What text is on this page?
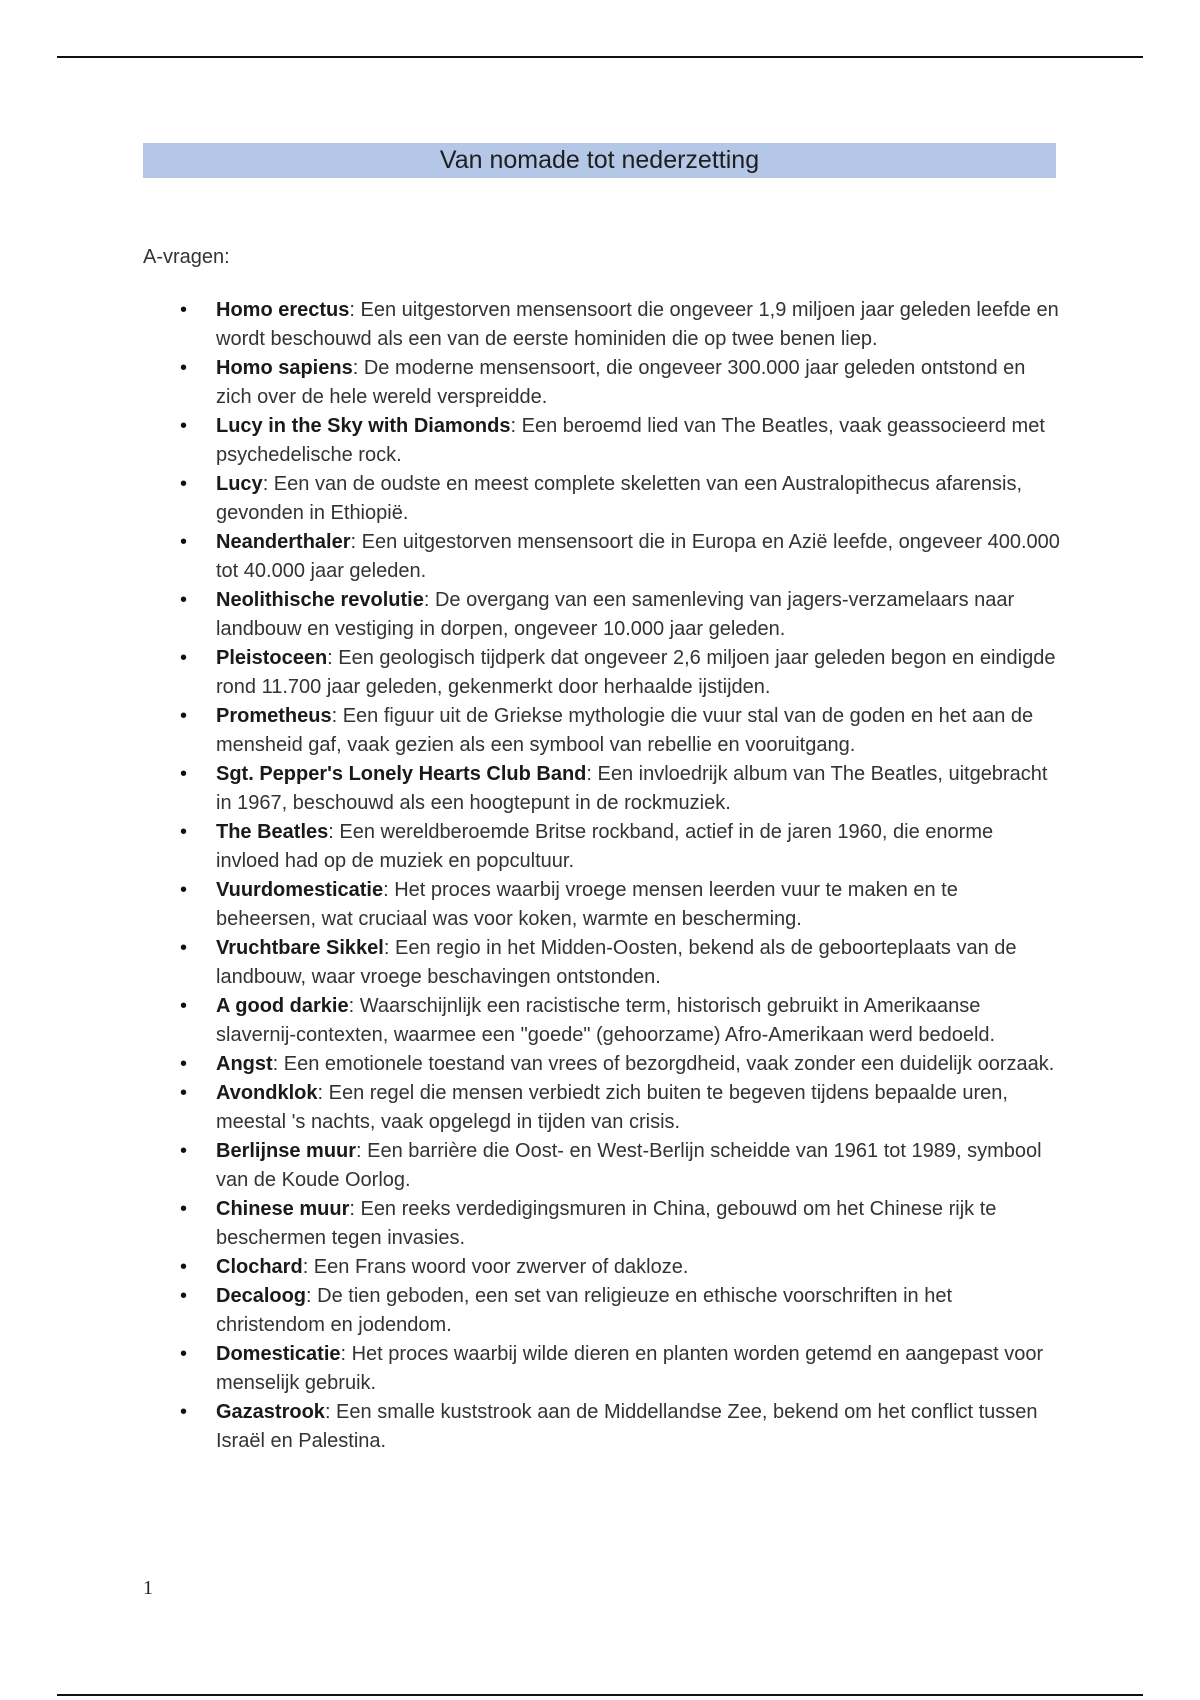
Van nomade tot nederzetting
A-vragen:
• Homo erectus: Een uitgestorven mensensoort die ongeveer 1,9 miljoen jaar geleden leefde en wordt beschouwd als een van de eerste hominiden die op twee benen liep.
• Homo sapiens: De moderne mensensoort, die ongeveer 300.000 jaar geleden ontstond en zich over de hele wereld verspreidde.
• Lucy in the Sky with Diamonds: Een beroemd lied van The Beatles, vaak geassocieerd met psychedelische rock.
• Lucy: Een van de oudste en meest complete skeletten van een Australopithecus afarensis, gevonden in Ethiopië.
• Neanderthaler: Een uitgestorven mensensoort die in Europa en Azië leefde, ongeveer 400.000 tot 40.000 jaar geleden.
• Neolithische revolutie: De overgang van een samenleving van jagers-verzamelaars naar landbouw en vestiging in dorpen, ongeveer 10.000 jaar geleden.
• Pleistoceen: Een geologisch tijdperk dat ongeveer 2,6 miljoen jaar geleden begon en eindigde rond 11.700 jaar geleden, gekenmerkt door herhaalde ijstijden.
• Prometheus: Een figuur uit de Griekse mythologie die vuur stal van de goden en het aan de mensheid gaf, vaak gezien als een symbool van rebellie en vooruitgang.
• Sgt. Pepper's Lonely Hearts Club Band: Een invloedrijk album van The Beatles, uitgebracht in 1967, beschouwd als een hoogtepunt in de rockmuziek.
• The Beatles: Een wereldberoemde Britse rockband, actief in de jaren 1960, die enorme invloed had op de muziek en popcultuur.
• Vuurdomesticatie: Het proces waarbij vroege mensen leerden vuur te maken en te beheersen, wat cruciaal was voor koken, warmte en bescherming.
• Vruchtbare Sikkel: Een regio in het Midden-Oosten, bekend als de geboorteplaats van de landbouw, waar vroege beschavingen ontstonden.
• A good darkie: Waarschijnlijk een racistische term, historisch gebruikt in Amerikaanse slavernij-contexten, waarmee een "goede" (gehoorzame) Afro-Amerikaan werd bedoeld.
• Angst: Een emotionele toestand van vrees of bezorgdheid, vaak zonder een duidelijk oorzaak.
• Avondklok: Een regel die mensen verbiedt zich buiten te begeven tijdens bepaalde uren, meestal 's nachts, vaak opgelegd in tijden van crisis.
• Berlijnse muur: Een barrière die Oost- en West-Berlijn scheidde van 1961 tot 1989, symbool van de Koude Oorlog.
• Chinese muur: Een reeks verdedigingsmuren in China, gebouwd om het Chinese rijk te beschermen tegen invasies.
• Clochard: Een Frans woord voor zwerver of dakloze.
• Decaloog: De tien geboden, een set van religieuze en ethische voorschriften in het christendom en jodendom.
• Domesticatie: Het proces waarbij wilde dieren en planten worden getemd en aangepast voor menselijk gebruik.
• Gazastrook: Een smalle kuststrook aan de Middellandse Zee, bekend om het conflict tussen Israël en Palestina.
1
